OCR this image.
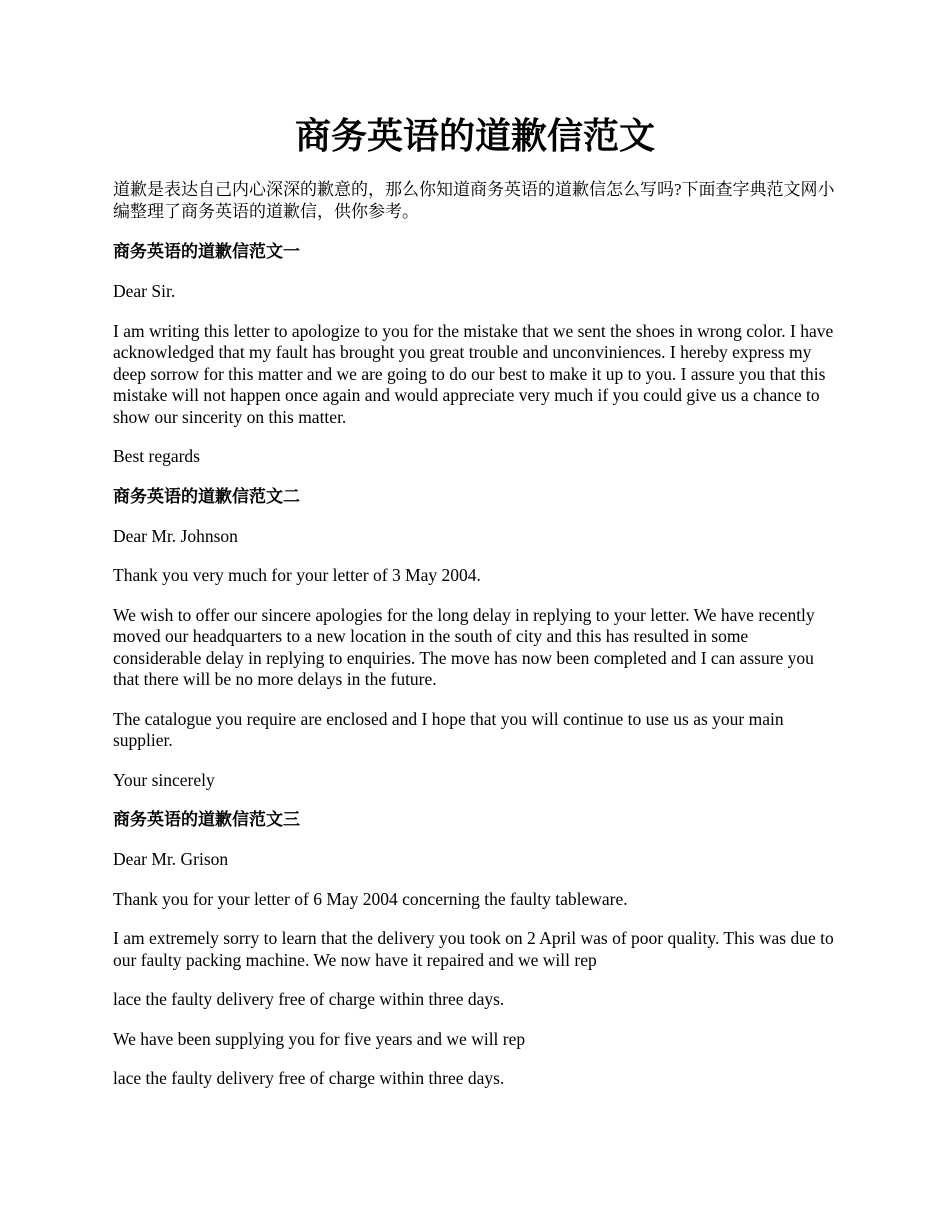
商务英语的道歉信范文

道歉是表达自己内心深深的歉意的，那么你知道商务英语的道歉信怎么写吗?下面查字典范文网小编整理了商务英语的道歉信，供你参考。

商务英语的道歉信范文一

Dear Sir.

I am writing this letter to apologize to you for the mistake that we sent the shoes in wrong color. I have acknowledged that my fault has brought you great trouble and unconviniences. I hereby express my deep sorrow for this matter and we are going to do our best to make it up to you. I assure you that this mistake will not happen once again and would appreciate very much if you could give us a chance to show our sincerity on this matter.

Best regards

商务英语的道歉信范文二

Dear Mr. Johnson

Thank you very much for your letter of 3 May 2004.

We wish to offer our sincere apologies for the long delay in replying to your letter. We have recently moved our headquarters to a new location in the south of city and this has resulted in some considerable delay in replying to enquiries. The move has now been completed and I can assure you that there will be no more delays in the future.

The catalogue you require are enclosed and I hope that you will continue to use us as your main supplier.

Your sincerely

商务英语的道歉信范文三

Dear Mr. Grison

Thank you for your letter of 6 May 2004 concerning the faulty tableware.

I am extremely sorry to learn that the delivery you took on 2 April was of poor quality. This was due to our faulty packing machine. We now have it repaired and we will rep

lace the faulty delivery free of charge within three days.

We have been supplying you for five years and we will rep

lace the faulty delivery free of charge within three days.
